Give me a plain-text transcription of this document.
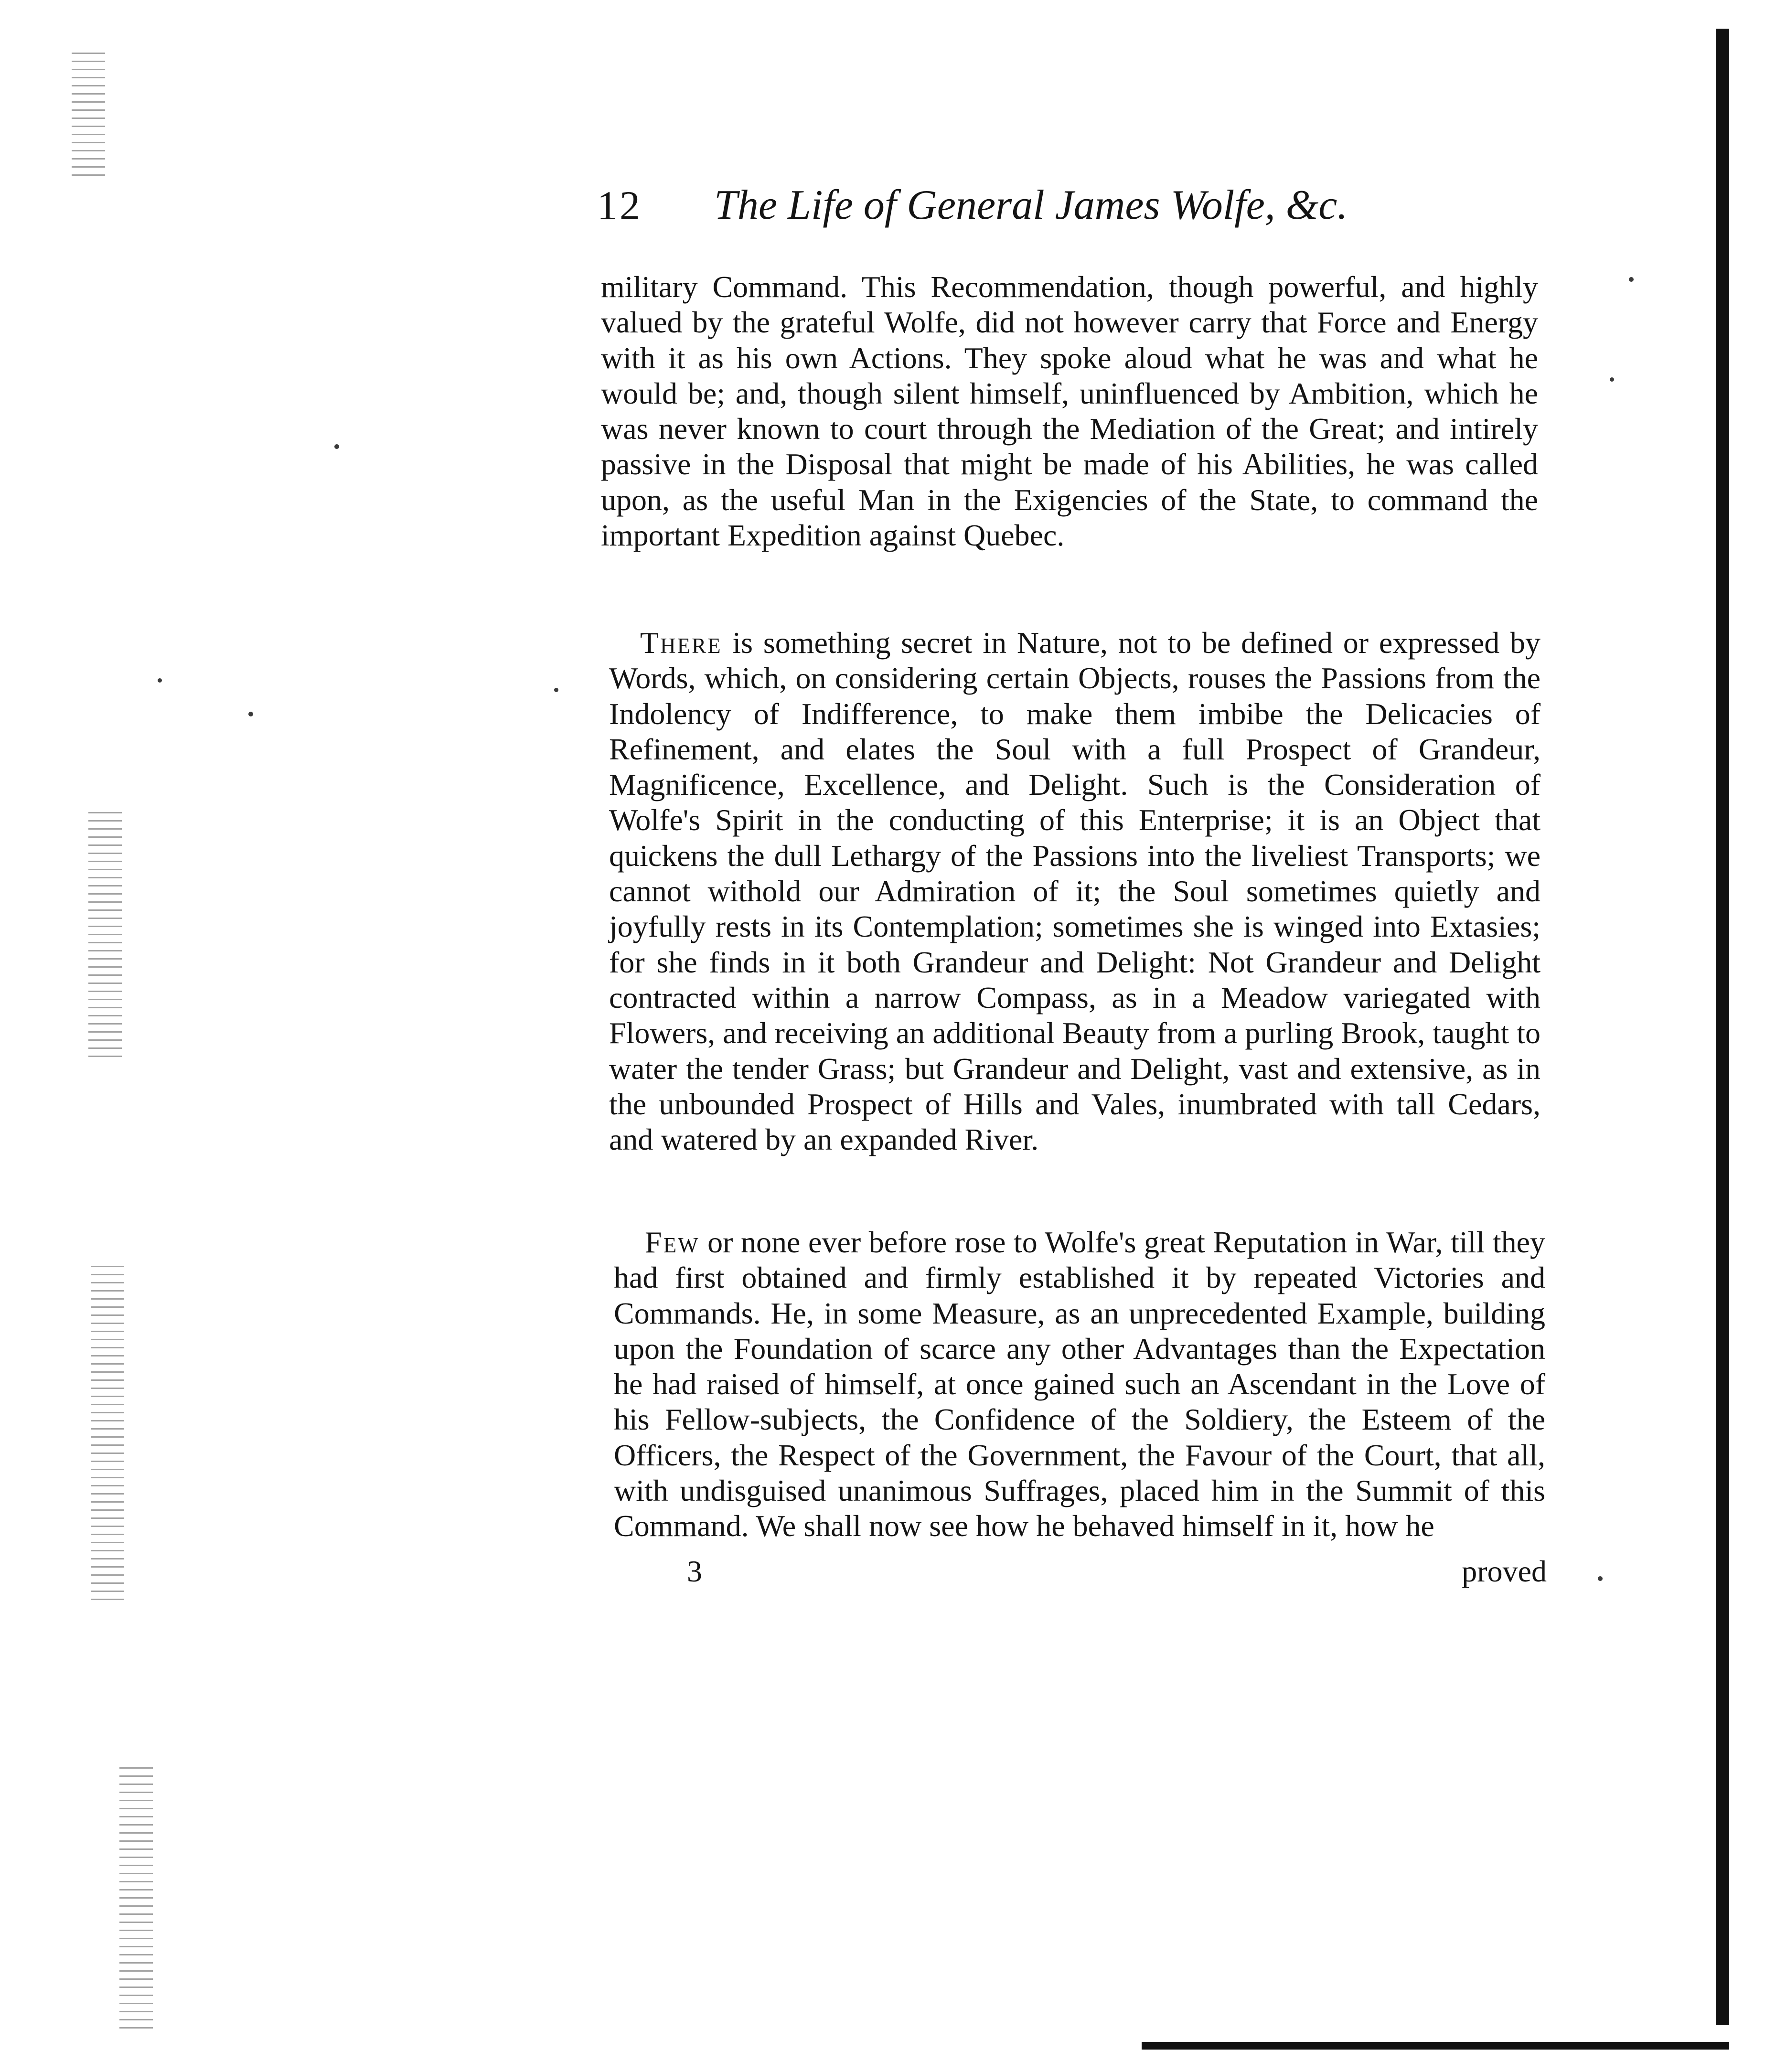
12 The Life of General James Wolfe, &c.

military Command. This Recommendation, though powerful, and highly valued by the grateful Wolfe, did not however carry that Force and Energy with it as his own Actions. They spoke aloud what he was and what he would be; and, though silent himself, uninfluenced by Ambition, which he was never known to court through the Mediation of the Great; and intirely passive in the Disposal that might be made of his Abilities, he was called upon, as the useful Man in the Exigencies of the State, to command the important Expedition against Quebec.

There is something secret in Nature, not to be defined or expressed by Words, which, on considering certain Objects, rouses the Passions from the Indolency of Indifference, to make them imbibe the Delicacies of Refinement, and elates the Soul with a full Prospect of Grandeur, Magnificence, Excellence, and Delight. Such is the Consideration of Wolfe's Spirit in the conducting of this Enterprise; it is an Object that quickens the dull Lethargy of the Passions into the liveliest Transports; we cannot withold our Admiration of it; the Soul sometimes quietly and joyfully rests in its Contemplation; sometimes she is winged into Extasies; for she finds in it both Grandeur and Delight: Not Grandeur and Delight contracted within a narrow Compass, as in a Meadow variegated with Flowers, and receiving an additional Beauty from a purling Brook, taught to water the tender Grass; but Grandeur and Delight, vast and extensive, as in the unbounded Prospect of Hills and Vales, inumbrated with tall Cedars, and watered by an expanded River.

Few or none ever before rose to Wolfe's great Reputation in War, till they had first obtained and firmly established it by repeated Victories and Commands. He, in some Measure, as an unprecedented Example, building upon the Foundation of scarce any other Advantages than the Expectation he had raised of himself, at once gained such an Ascendant in the Love of his Fellow-subjects, the Confidence of the Soldiery, the Esteem of the Officers, the Respect of the Government, the Favour of the Court, that all, with undisguised unanimous Suffrages, placed him in the Summit of this Command. We shall now see how he behaved himself in it, how he

3	proved
